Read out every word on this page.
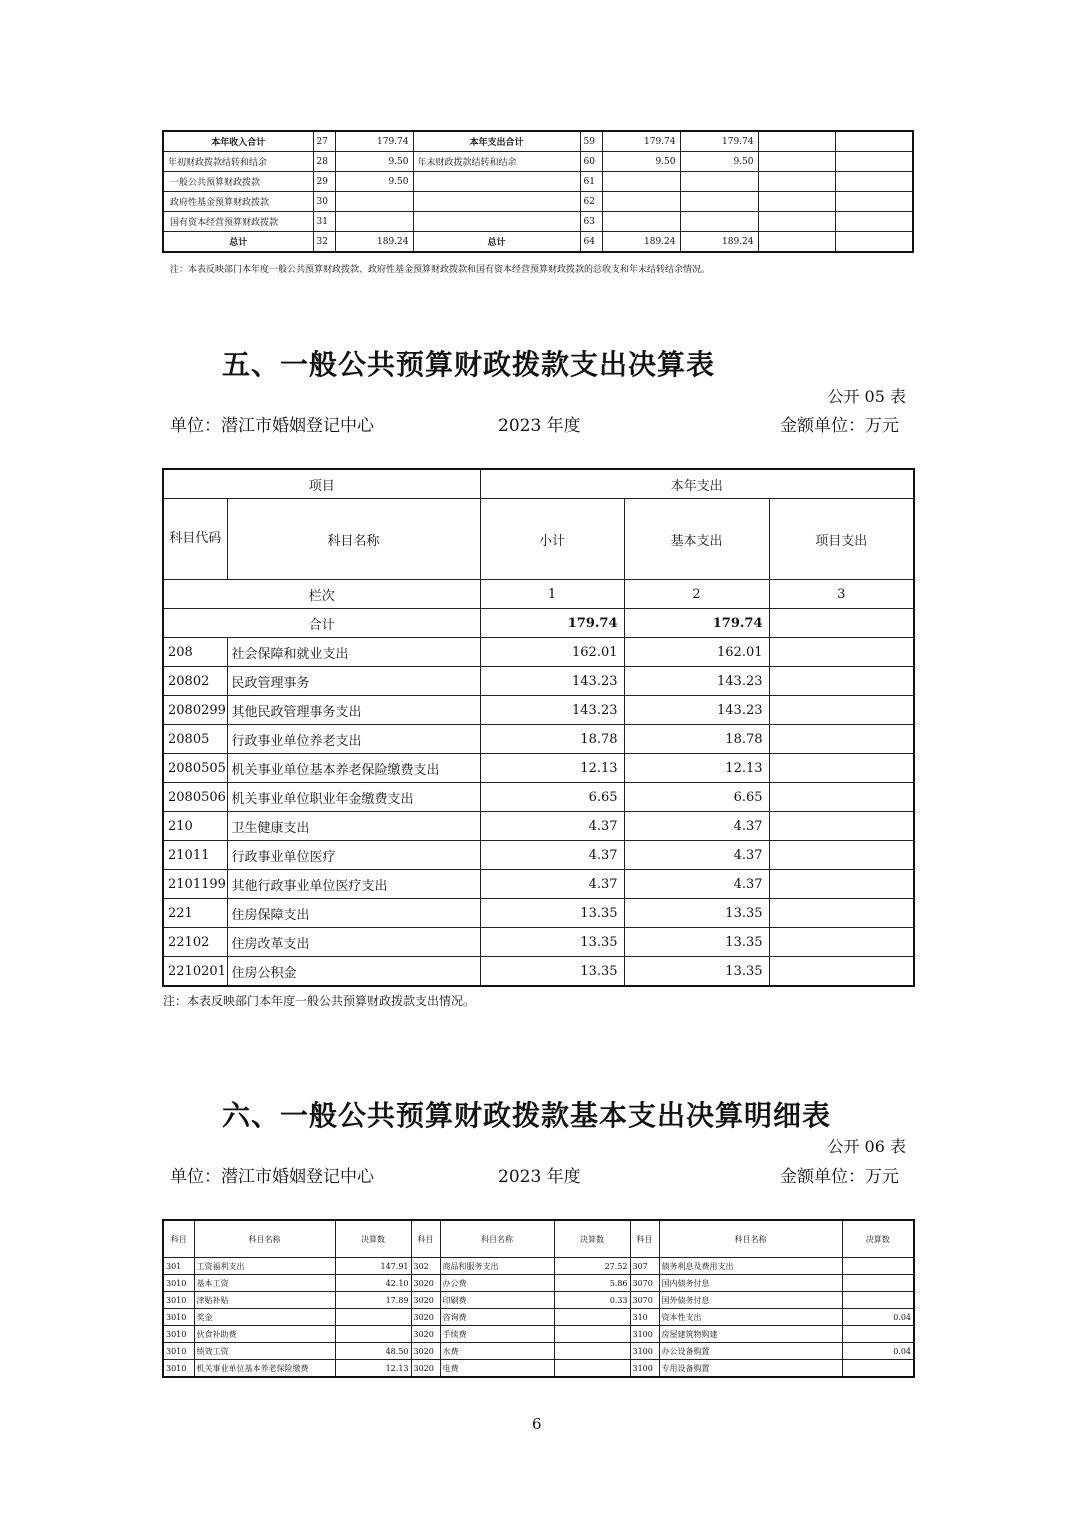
本年收入合计	27	179.74	本年支出合计	59	179.74	179.74		
年初财政拨款结转和结余	28	9.50	年末财政拨款结转和结余	60	9.50	9.50		
一般公共预算财政拨款	29	9.50		61				
政府性基金预算财政拨款	30			62				
国有资本经营预算财政拨款	31			63				
总计	32	189.24	总计	64	189.24	189.24		
注：本表反映部门本年度一般公共预算财政拨款、政府性基金预算财政拨款和国有资本经营预算财政拨款的总收支和年末结转结余情况。
五、一般公共预算财政拨款支出决算表
公开 05 表
单位：潜江市婚姻登记中心	2023 年度	金额单位：万元
项目		本年支出		
科目代码	科目名称	小计	基本支出	项目支出
栏次		1	2	3
合计		179.74	179.74	
208	社会保障和就业支出	162.01	162.01	
20802	民政管理事务	143.23	143.23	
2080299	其他民政管理事务支出	143.23	143.23	
20805	行政事业单位养老支出	18.78	18.78	
2080505	机关事业单位基本养老保险缴费支出	12.13	12.13	
2080506	机关事业单位职业年金缴费支出	6.65	6.65	
210	卫生健康支出	4.37	4.37	
21011	行政事业单位医疗	4.37	4.37	
2101199	其他行政事业单位医疗支出	4.37	4.37	
221	住房保障支出	13.35	13.35	
22102	住房改革支出	13.35	13.35	
2210201	住房公积金	13.35	13.35	
注：本表反映部门本年度一般公共预算财政拨款支出情况。
六、一般公共预算财政拨款基本支出决算明细表
公开 06 表
单位：潜江市婚姻登记中心	2023 年度	金额单位：万元
科目	科目名称	决算数	科目	科目名称	决算数	科目	科目名称	决算数
301	工资福利支出	147.91	302	商品和服务支出	27.52	307	债务利息及费用支出	
3010	基本工资	42.10	3020	办公费	5.86	3070	国内债务付息	
3010	津贴补贴	17.89	3020	印刷费	0.33	3070	国外债务付息	
3010	奖金		3020	咨询费		310	资本性支出	0.04
3010	伙食补助费		3020	手续费		3100	房屋建筑物购建	
3010	绩效工资	48.50	3020	水费		3100	办公设备购置	0.04
3010	机关事业单位基本养老保险缴费	12.13	3020	电费		3100	专用设备购置	
6
